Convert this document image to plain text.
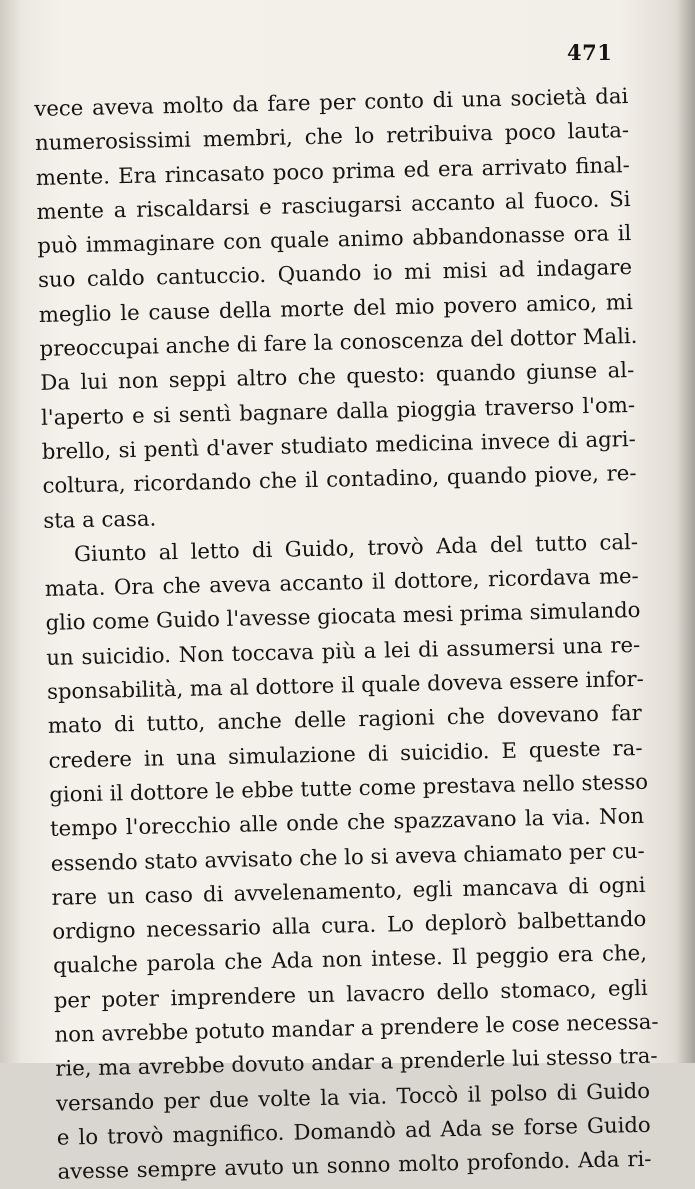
471
vece aveva molto da fare per conto di una società dai
numerosissimi membri, che lo retribuiva poco lauta-
mente. Era rincasato poco prima ed era arrivato final-
mente a riscaldarsi e rasciugarsi accanto al fuoco. Si
può immaginare con quale animo abbandonasse ora il
suo caldo cantuccio. Quando io mi misi ad indagare
meglio le cause della morte del mio povero amico, mi
preoccupai anche di fare la conoscenza del dottor Mali.
Da lui non seppi altro che questo: quando giunse al-
l'aperto e si sentì bagnare dalla pioggia traverso l'om-
brello, si pentì d'aver studiato medicina invece di agri-
coltura, ricordando che il contadino, quando piove, re-
sta a casa.
Giunto al letto di Guido, trovò Ada del tutto cal-
mata. Ora che aveva accanto il dottore, ricordava me-
glio come Guido l'avesse giocata mesi prima simulando
un suicidio. Non toccava più a lei di assumersi una re-
sponsabilità, ma al dottore il quale doveva essere infor-
mato di tutto, anche delle ragioni che dovevano far
credere in una simulazione di suicidio. E queste ra-
gioni il dottore le ebbe tutte come prestava nello stesso
tempo l'orecchio alle onde che spazzavano la via. Non
essendo stato avvisato che lo si aveva chiamato per cu-
rare un caso di avvelenamento, egli mancava di ogni
ordigno necessario alla cura. Lo deplorò balbettando
qualche parola che Ada non intese. Il peggio era che,
per poter imprendere un lavacro dello stomaco, egli
non avrebbe potuto mandar a prendere le cose necessa-
rie, ma avrebbe dovuto andar a prenderle lui stesso tra-
versando per due volte la via. Toccò il polso di Guido
e lo trovò magnifico. Domandò ad Ada se forse Guido
avesse sempre avuto un sonno molto profondo. Ada ri-
